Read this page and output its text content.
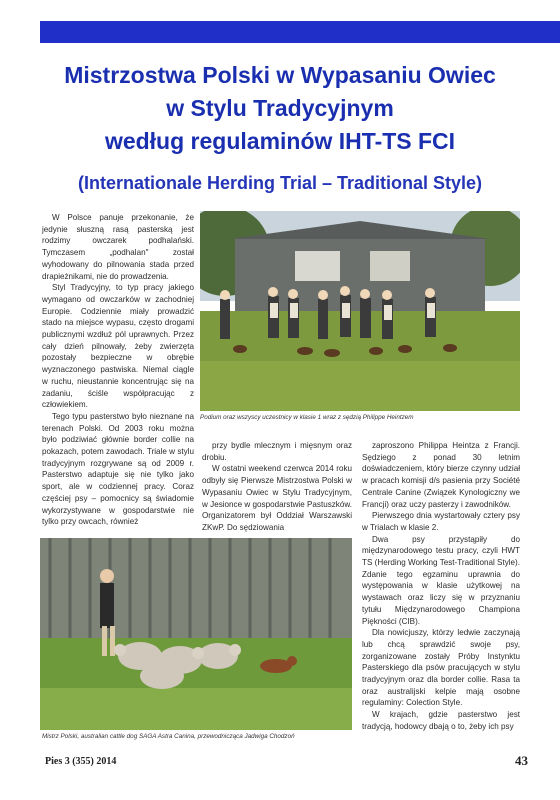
Mistrzostwa Polski w Wypasaniu Owiec
w Stylu Tradycyjnym
według regulaminów IHT-TS FCI
(Internationale Herding Trial – Traditional Style)

W Polsce panuje przekonanie, że jedynie słuszną rasą pasterską jest rodzimy owczarek podhalański. Tymczasem „podhalan" został wyhodowany do pilnowania stada przed drapieżnikami, nie do prowadzenia.

Styl Tradycyjny, to typ pracy jakiego wymagano od owczarków w zachodniej Europie. Codziennie miały prowadzić stado na miejsce wypasu, często drogami publicznymi wzdłuż pól uprawnych. Przez cały dzień pilnowały, żeby zwierzęta pozostały bezpieczne w obrębie wyznaczonego pastwiska. Niemal ciągle w ruchu, nieustannie koncentrując się na zadaniu, ściśle współpracując z człowiekiem.

Tego typu pasterstwo było nieznane na terenach Polski. Od 2003 roku można było podziwiać głównie border collie na pokazach, potem zawodach. Triale w stylu tradycyjnym rozgrywane są od 2009 r. Pasterstwo adaptuje się nie tylko jako sport, ale w codziennej pracy. Coraz częściej psy – pomocnicy są świadomie wykorzystywane w gospodarstwie nie tylko przy owcach, również

Podium oraz wszyscy uczestnicy w klasie 1 wraz z sędzią Philippe Heintzem

przy bydle mlecznym i mięsnym oraz drobiu.

W ostatni weekend czerwca 2014 roku odbyły się Pierwsze Mistrzostwa Polski w Wypasaniu Owiec w Stylu Tradycyjnym, w Jesionce w gospodarstwie Pastuszków. Organizatorem był Oddział Warszawski ZKwP. Do sędziowania

zaproszono Philippa Heintza z Francji. Sędziego z ponad 30 letnim doświadczeniem, który bierze czynny udział w pracach komisji d/s pasienia przy Société Centrale Canine (Związek Kynologiczny we Francji) oraz uczy pasterzy i zawodników.

Pierwszego dnia wystartowały cztery psy w Trialach w klasie 2.

Dwa psy przystąpiły do międzynarodowego testu pracy, czyli HWT TS (Herding Working Test-Traditional Style). Zdanie tego egzaminu uprawnia do występowania w klasie użytkowej na wystawach oraz liczy się w przyznaniu tytułu Międzynarodowego Championa Piękności (CIB).

Dla nowicjuszy, którzy ledwie zaczynają lub chcą sprawdzić swoje psy, zorganizowane zostały Próby Instynktu Pasterskiego dla psów pracujących w stylu tradycyjnym oraz dla border collie. Rasa ta oraz australijski kelpie mają osobne regulaminy: Colection Style.

W krajach, gdzie pasterstwo jest tradycją, hodowcy dbają o to, żeby ich psy

Mistrz Polski, australian cattle dog SAGA Astra Canina, przewodnicząca Jadwiga Chodzoń
Pies 3 (355) 2014	43
